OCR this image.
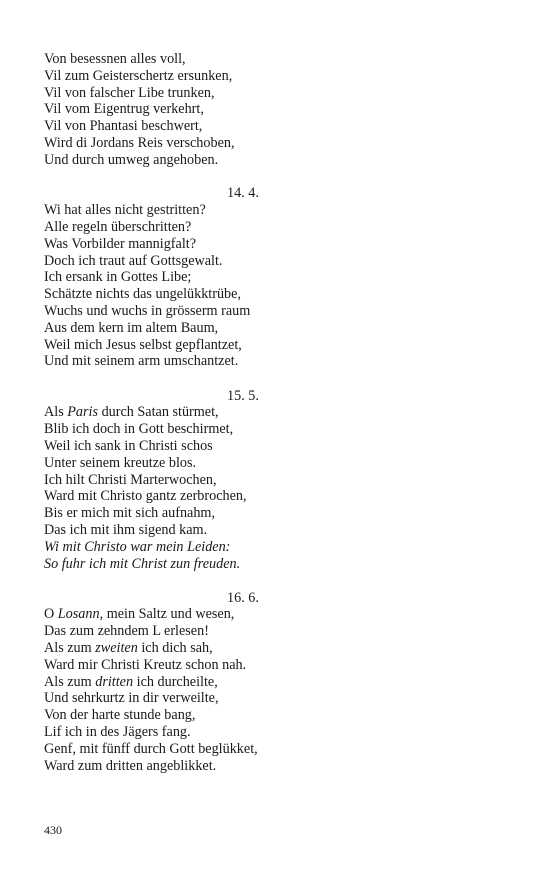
Von besessnen alles voll,
Vil zum Geisterschertz ersunken,
Vil von falscher Libe trunken,
Vil vom Eigentrug verkehrt,
Vil von Phantasi beschwert,
Wird di Jordans Reis verschoben,
Und durch umweg angehoben.
14. 4.
Wi hat alles nicht gestritten?
Alle regeln überschritten?
Was Vorbilder mannigfalt?
Doch ich traut auf Gottsgewalt.
Ich ersank in Gottes Libe;
Schätzte nichts das ungelükktrübe,
Wuchs und wuchs in grösserm raum
Aus dem kern im altem Baum,
Weil mich Jesus selbst gepflantzet,
Und mit seinem arm umschantzet.
15. 5.
Als Paris durch Satan stürmet,
Blib ich doch in Gott beschirmet,
Weil ich sank in Christi schos
Unter seinem kreutze blos.
Ich hilt Christi Marterwochen,
Ward mit Christo gantz zerbrochen,
Bis er mich mit sich aufnahm,
Das ich mit ihm sigend kam.
Wi mit Christo war mein Leiden:
So fuhr ich mit Christ zun freuden.
16. 6.
O Losann, mein Saltz und wesen,
Das zum zehndem L erlesen!
Als zum zweiten ich dich sah,
Ward mir Christi Kreutz schon nah.
Als zum dritten ich durcheilte,
Und sehrkurtz in dir verweilte,
Von der harte stunde bang,
Lif ich in des Jägers fang.
Genf, mit fünff durch Gott beglükket,
Ward zum dritten angeblikket.
430
